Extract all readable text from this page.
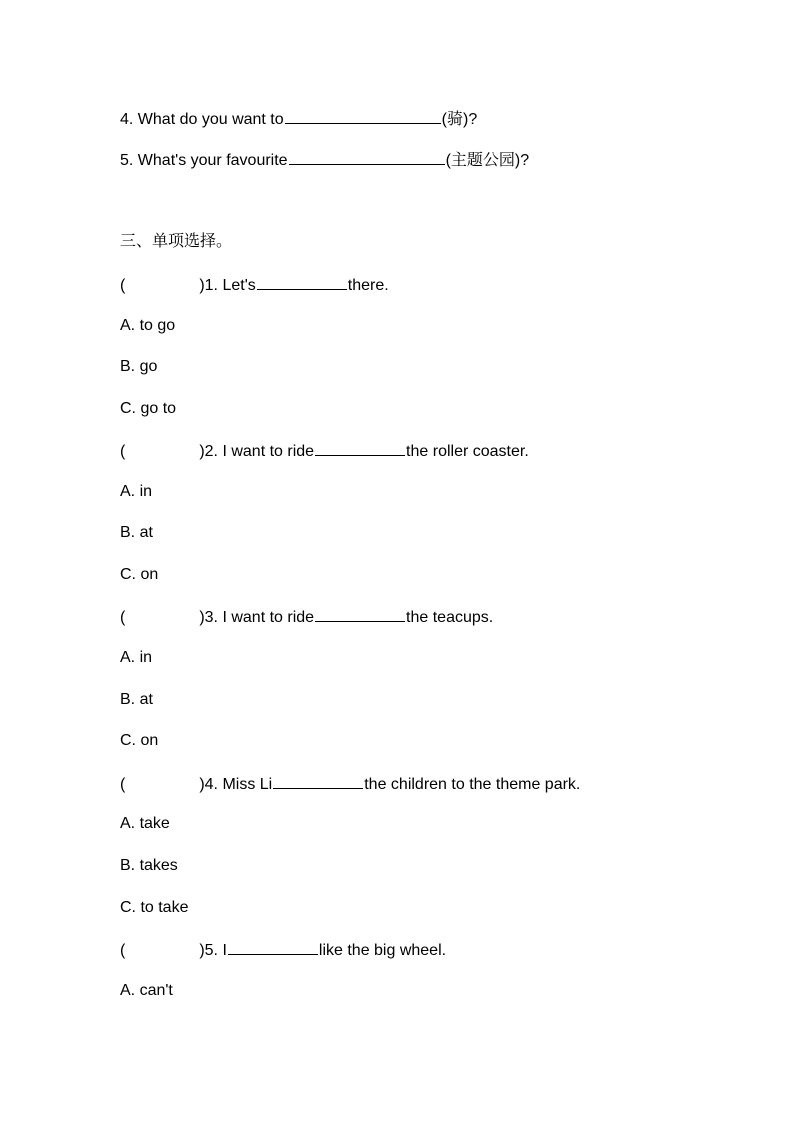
4. What do you want to	(骑)?
5. What's your favourite	(主题公园)?
三、单项选择。
(	)1. Let's	there.
A. to go
B. go
C. go to
(	)2. I want to ride	the roller coaster.
A. in
B. at
C. on
(	)3. I want to ride	the teacups.
A. in
B. at
C. on
(	)4. Miss Li	the children to the theme park.
A. take
B. takes
C. to take
(	)5. I	like the big wheel.
A. can't
